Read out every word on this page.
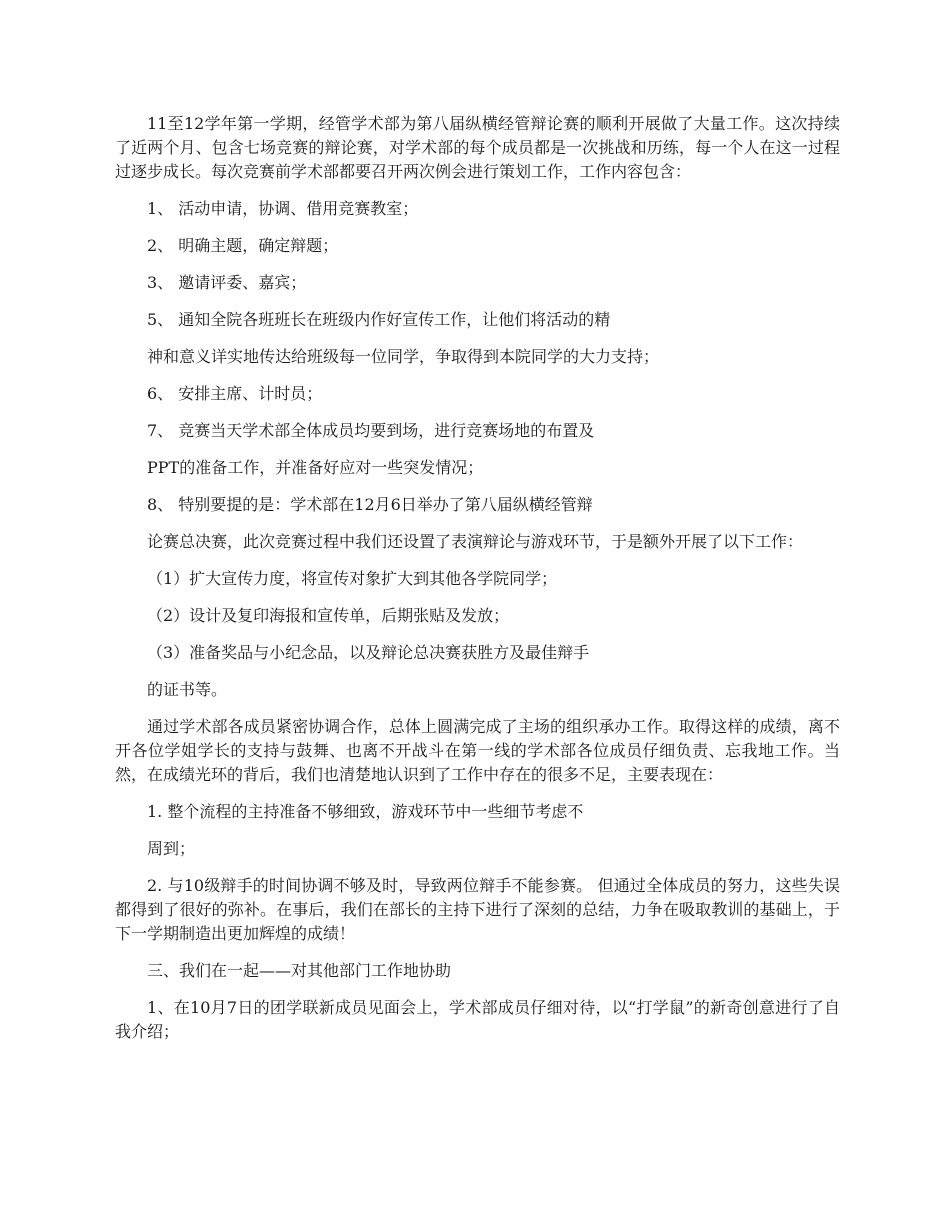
11至12学年第一学期，经管学术部为第八届纵横经管辩论赛的顺利开展做了大量工作。这次持续了近两个月、包含七场竞赛的辩论赛，对学术部的每个成员都是一次挑战和历练，每一个人在这一过程过逐步成长。每次竞赛前学术部都要召开两次例会进行策划工作，工作内容包含：

1、 活动申请，协调、借用竞赛教室；

2、 明确主题，确定辩题；

3、 邀请评委、嘉宾；

5、 通知全院各班班长在班级内作好宣传工作，让他们将活动的精

神和意义详实地传达给班级每一位同学，争取得到本院同学的大力支持；

6、 安排主席、计时员；

7、 竞赛当天学术部全体成员均要到场，进行竞赛场地的布置及

PPT的准备工作，并准备好应对一些突发情况；

8、 特别要提的是：学术部在12月6日举办了第八届纵横经管辩

论赛总决赛，此次竞赛过程中我们还设置了表演辩论与游戏环节，于是额外开展了以下工作：

（1）扩大宣传力度，将宣传对象扩大到其他各学院同学；

（2）设计及复印海报和宣传单，后期张贴及发放；

（3）准备奖品与小纪念品，以及辩论总决赛获胜方及最佳辩手

的证书等。

通过学术部各成员紧密协调合作，总体上圆满完成了主场的组织承办工作。取得这样的成绩，离不开各位学姐学长的支持与鼓舞、也离不开战斗在第一线的学术部各位成员仔细负责、忘我地工作。当然，在成绩光环的背后，我们也清楚地认识到了工作中存在的很多不足，主要表现在：

1. 整个流程的主持准备不够细致，游戏环节中一些细节考虑不

周到；

2. 与10级辩手的时间协调不够及时，导致两位辩手不能参赛。 但通过全体成员的努力，这些失误都得到了很好的弥补。在事后，我们在部长的主持下进行了深刻的总结，力争在吸取教训的基础上，于下一学期制造出更加辉煌的成绩！

三、我们在一起——对其他部门工作地协助

1、在10月7日的团学联新成员见面会上，学术部成员仔细对待，以“打学鼠”的新奇创意进行了自我介绍；
